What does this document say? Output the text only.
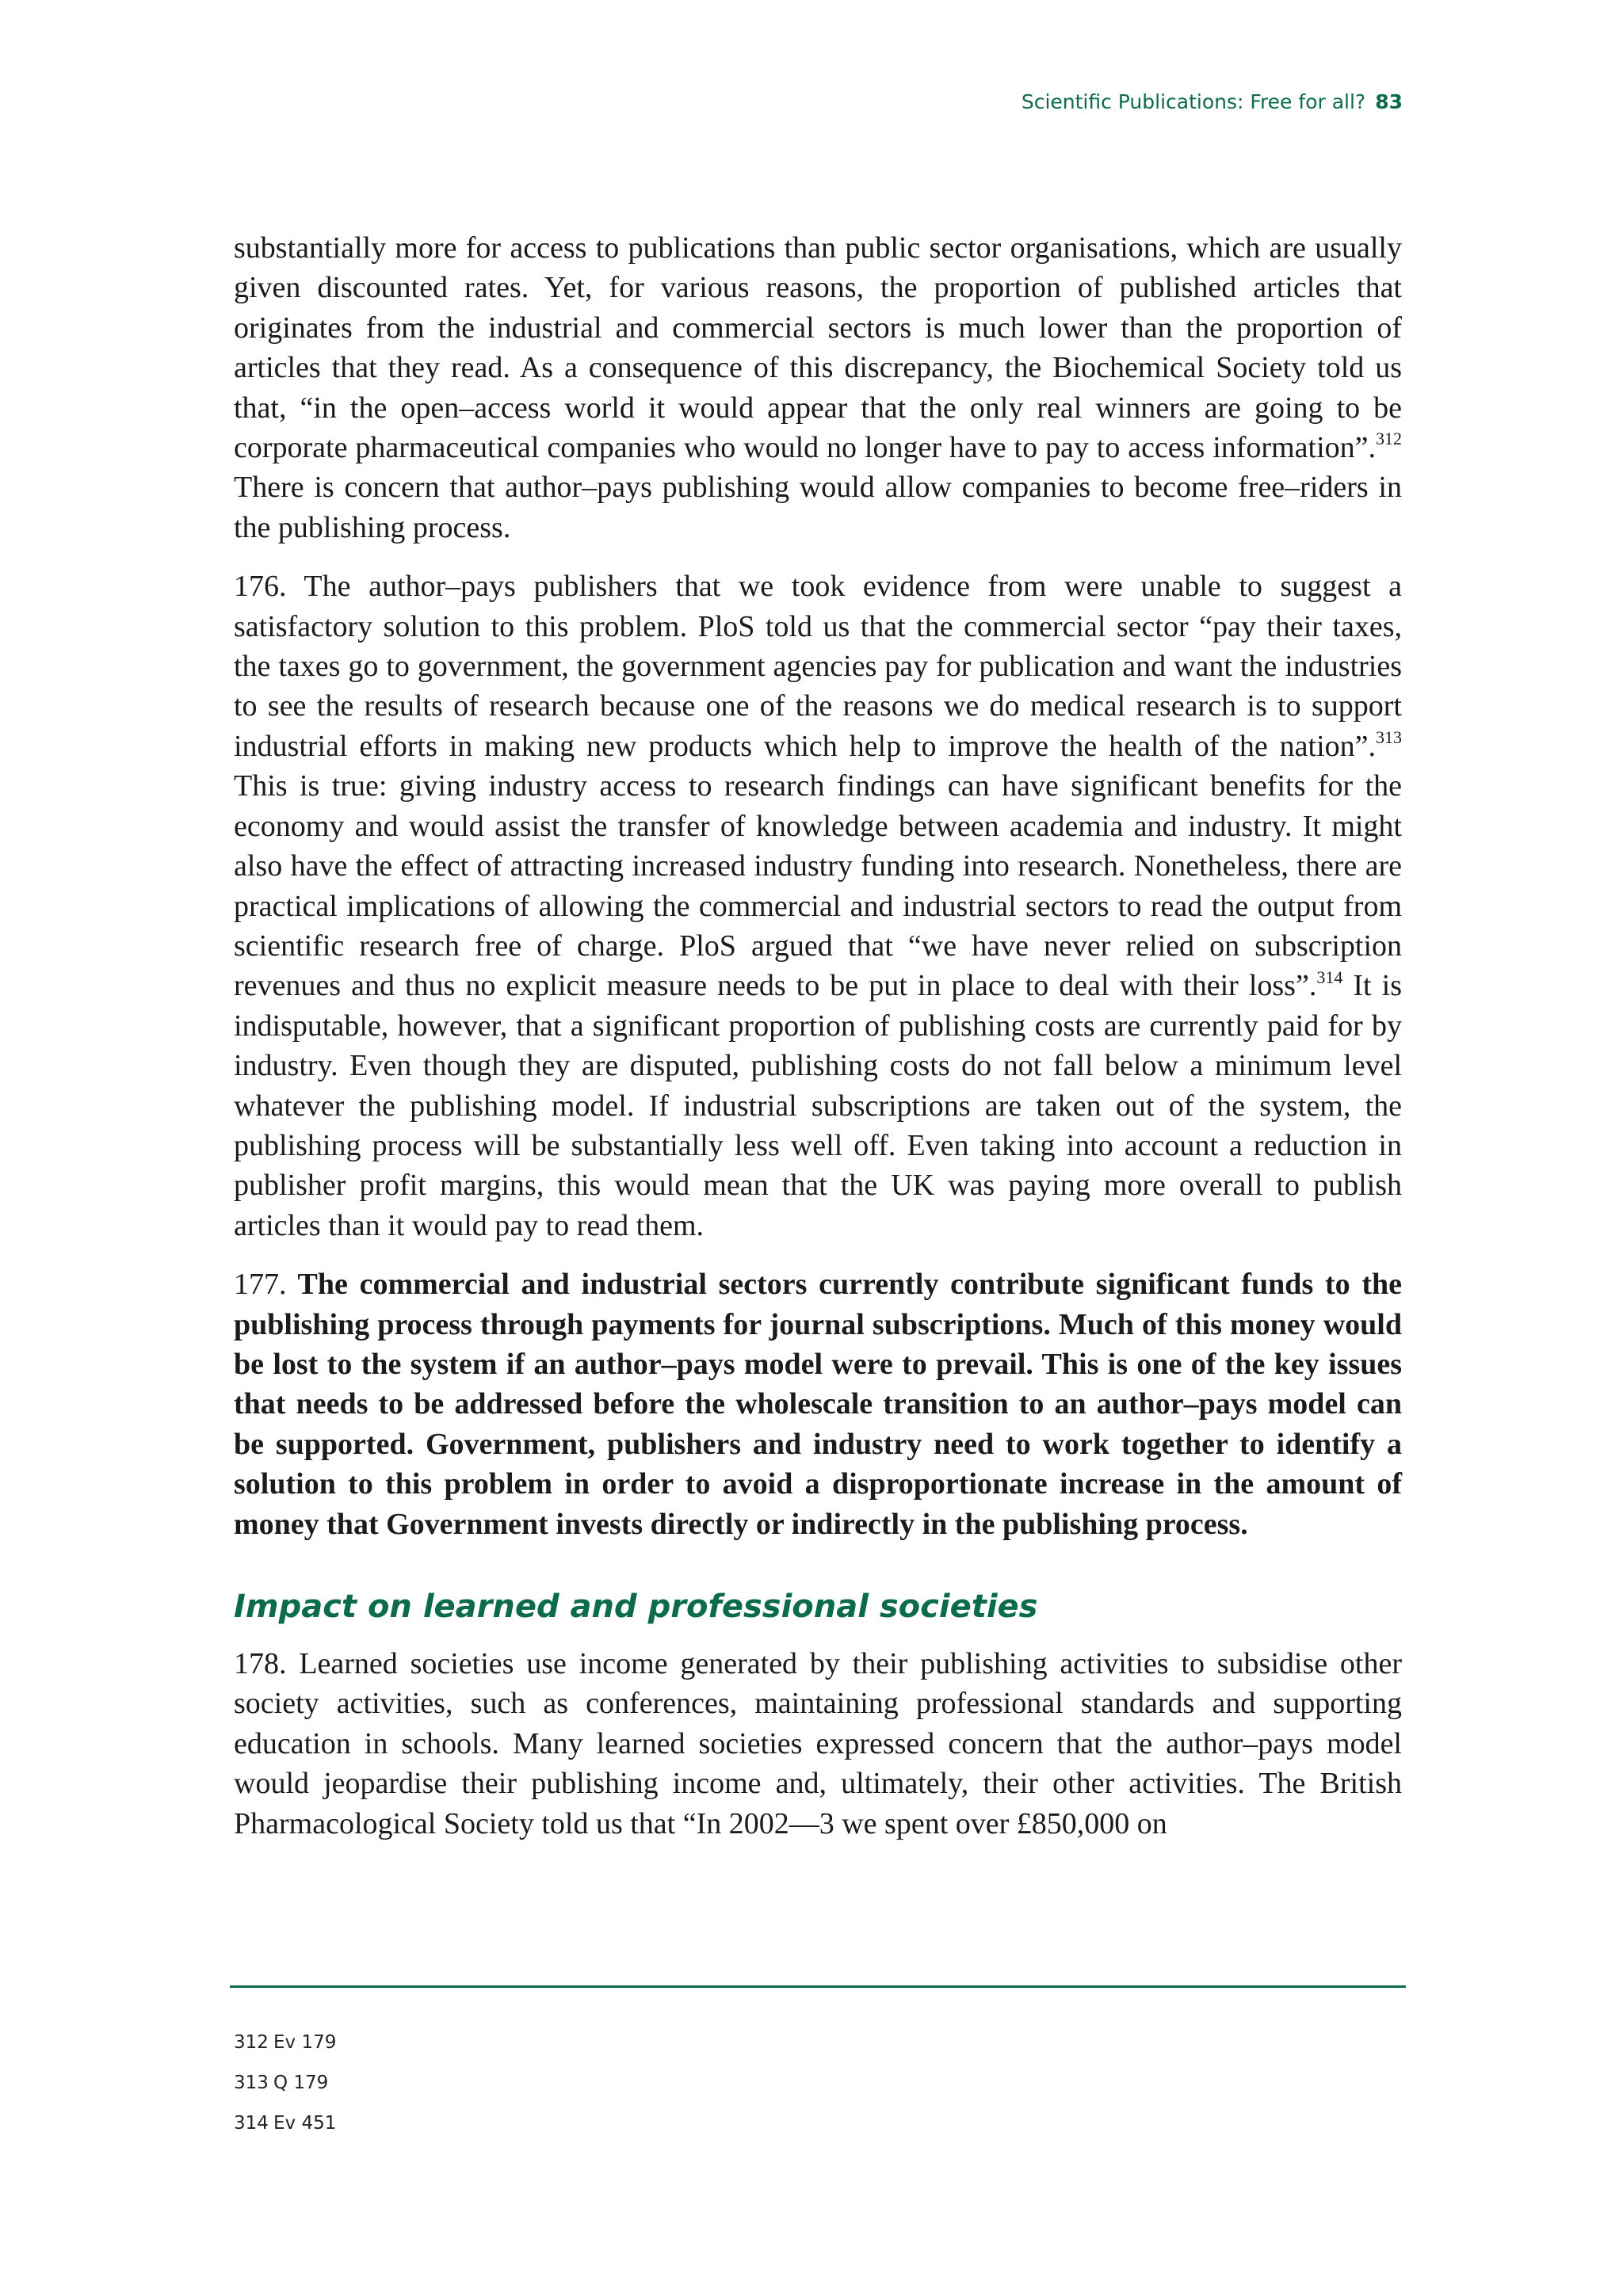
Scientific Publications: Free for all? 83

substantially more for access to publications than public sector organisations, which are usually given discounted rates. Yet, for various reasons, the proportion of published articles that originates from the industrial and commercial sectors is much lower than the proportion of articles that they read. As a consequence of this discrepancy, the Biochemical Society told us that, “in the open–access world it would appear that the only real winners are going to be corporate pharmaceutical companies who would no longer have to pay to access information”.$^{312}$ There is concern that author–pays publishing would allow companies to become free–riders in the publishing process.

176. The author–pays publishers that we took evidence from were unable to suggest a satisfactory solution to this problem. PloS told us that the commercial sector “pay their taxes, the taxes go to government, the government agencies pay for publication and want the industries to see the results of research because one of the reasons we do medical research is to support industrial efforts in making new products which help to improve the health of the nation”.$^{313}$ This is true: giving industry access to research findings can have significant benefits for the economy and would assist the transfer of knowledge between academia and industry. It might also have the effect of attracting increased industry funding into research. Nonetheless, there are practical implications of allowing the commercial and industrial sectors to read the output from scientific research free of charge. PloS argued that “we have never relied on subscription revenues and thus no explicit measure needs to be put in place to deal with their loss”.$^{314}$ It is indisputable, however, that a significant proportion of publishing costs are currently paid for by industry. Even though they are disputed, publishing costs do not fall below a minimum level whatever the publishing model. If industrial subscriptions are taken out of the system, the publishing process will be substantially less well off. Even taking into account a reduction in publisher profit margins, this would mean that the UK was paying more overall to publish articles than it would pay to read them.

177. The commercial and industrial sectors currently contribute significant funds to the publishing process through payments for journal subscriptions. Much of this money would be lost to the system if an author–pays model were to prevail. This is one of the key issues that needs to be addressed before the wholescale transition to an author–pays model can be supported. Government, publishers and industry need to work together to identify a solution to this problem in order to avoid a disproportionate increase in the amount of money that Government invests directly or indirectly in the publishing process.

Impact on learned and professional societies

178. Learned societies use income generated by their publishing activities to subsidise other society activities, such as conferences, maintaining professional standards and supporting education in schools. Many learned societies expressed concern that the author–pays model would jeopardise their publishing income and, ultimately, their other activities. The British Pharmacological Society told us that “In 2002—3 we spent over £850,000 on

312 Ev 179
313 Q 179
314 Ev 451
